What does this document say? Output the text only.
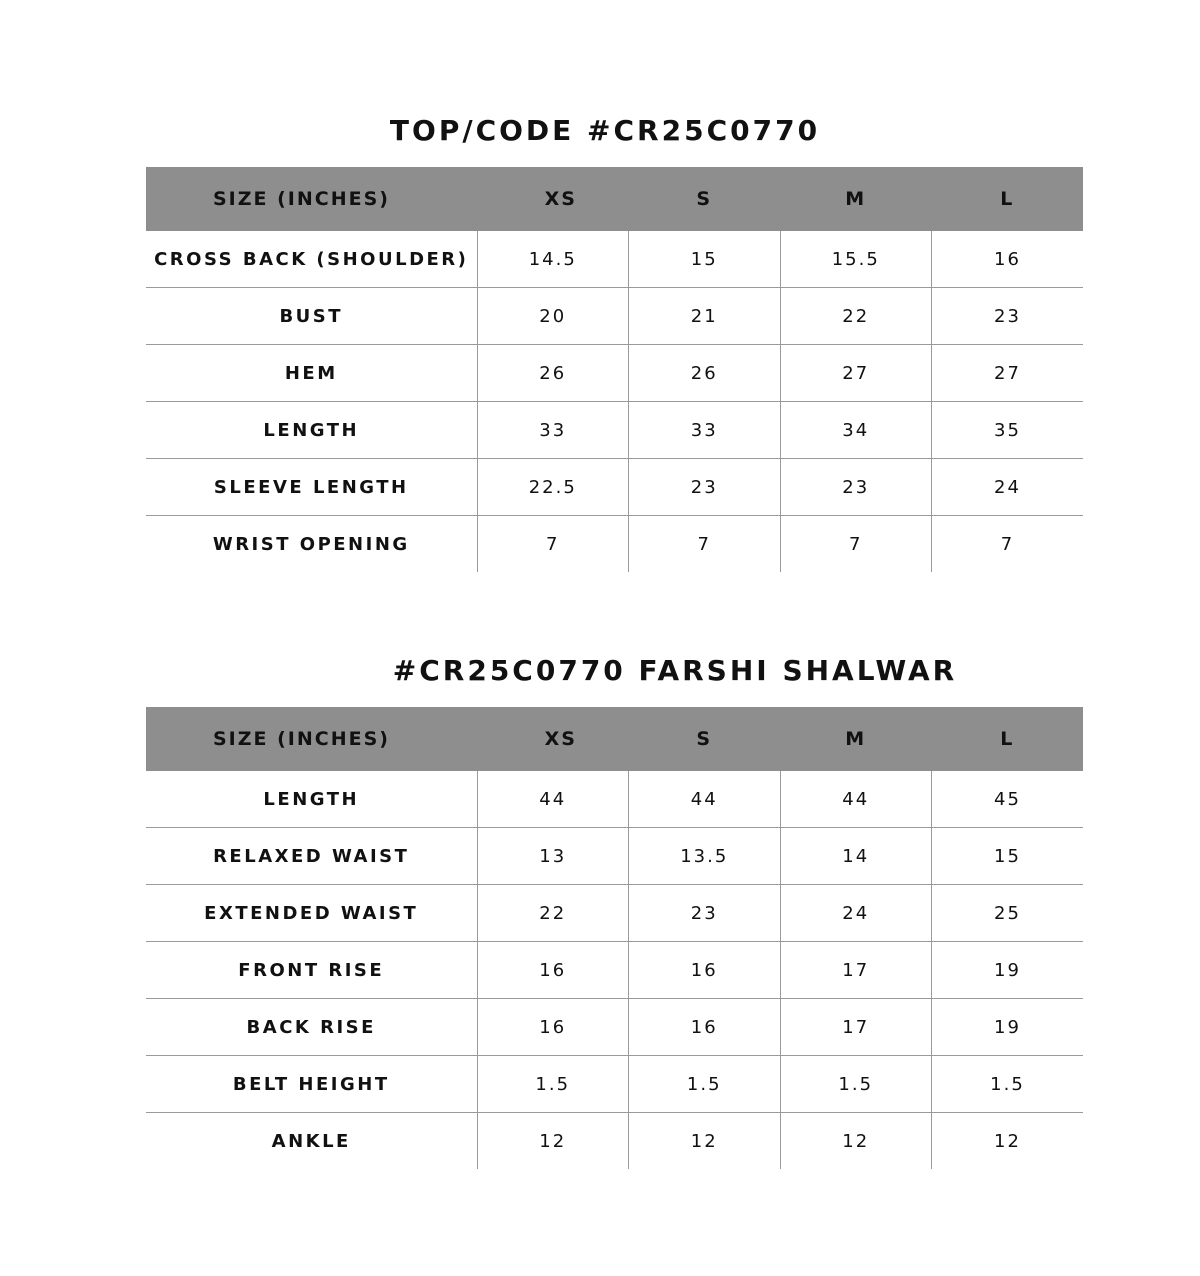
TOP/CODE #CR25C0770
SIZE (INCHES)	XS	S	M	L
CROSS BACK (SHOULDER)	14.5	15	15.5	16
BUST	20	21	22	23
HEM	26	26	27	27
LENGTH	33	33	34	35
SLEEVE LENGTH	22.5	23	23	24
WRIST OPENING	7	7	7	7
#CR25C0770 FARSHI SHALWAR
SIZE (INCHES)	XS	S	M	L
LENGTH	44	44	44	45
RELAXED WAIST	13	13.5	14	15
EXTENDED WAIST	22	23	24	25
FRONT RISE	16	16	17	19
BACK RISE	16	16	17	19
BELT HEIGHT	1.5	1.5	1.5	1.5
ANKLE	12	12	12	12
